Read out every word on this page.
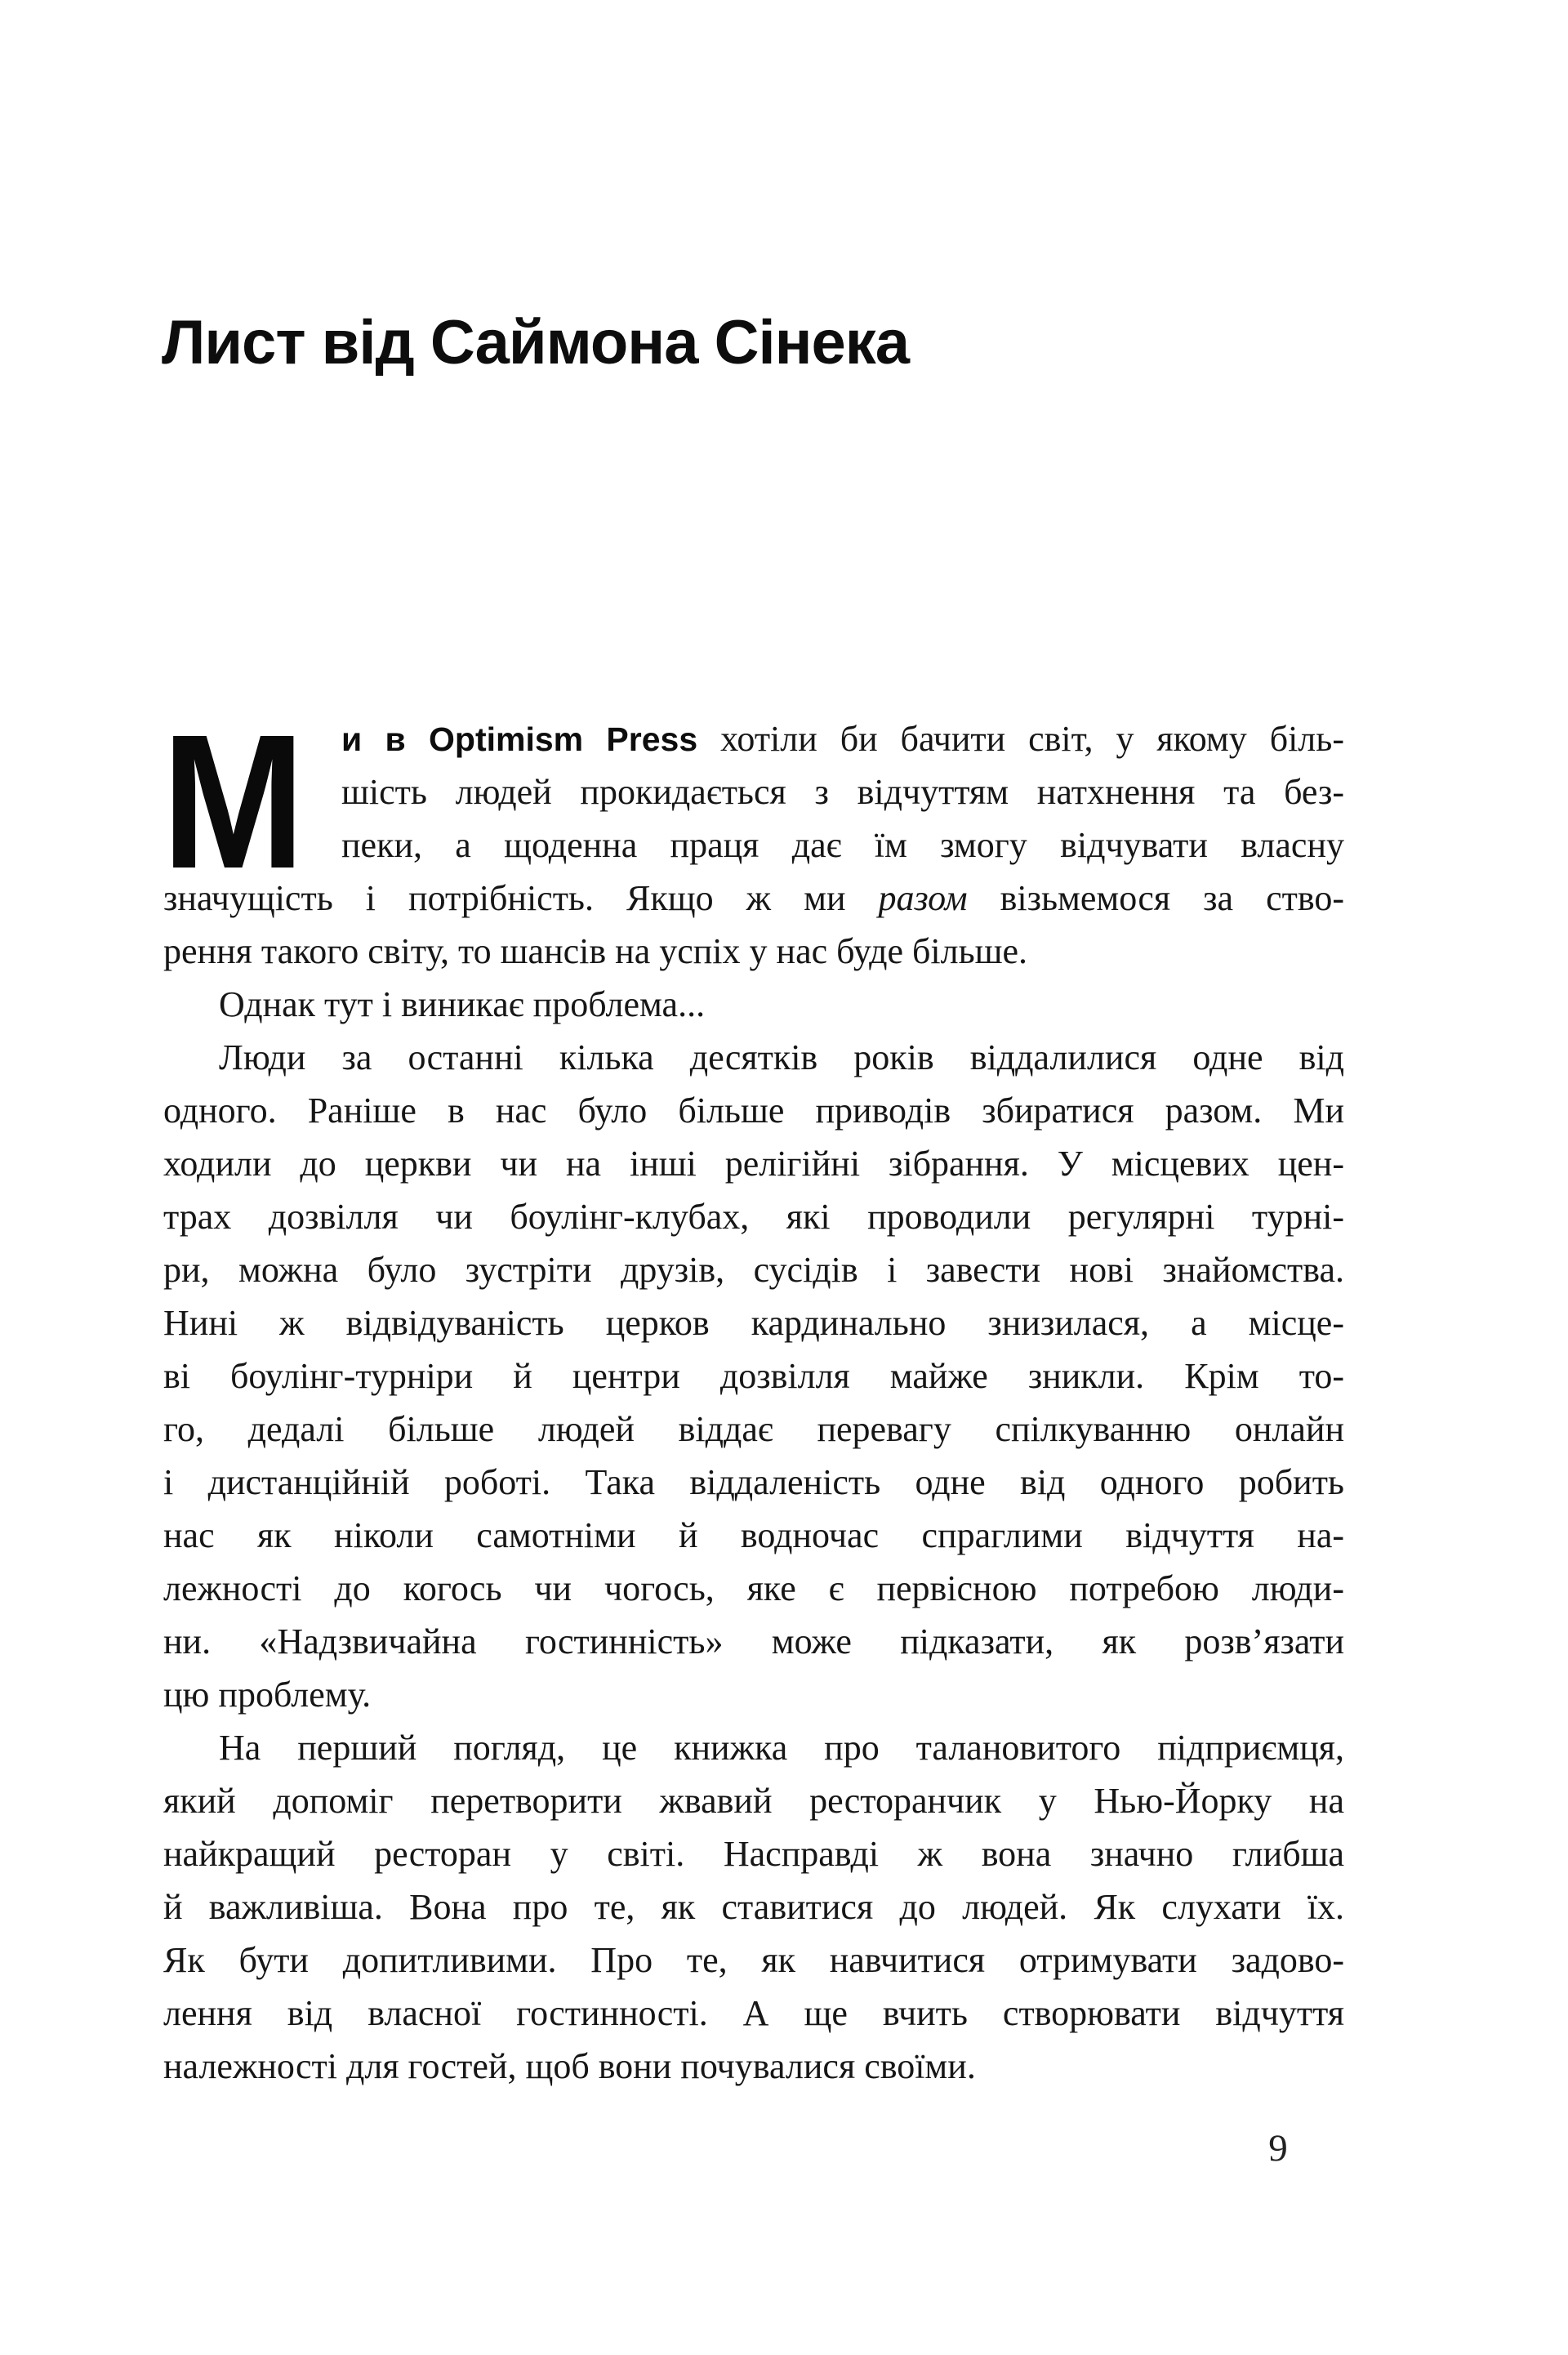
Лист від Саймона Сінека
М	и в Optimism Press хотіли би бачити світ, у якому біль-
шість людей прокидається з відчуттям натхнення та без-
пеки, а щоденна праця дає їм змогу відчувати власну
значущість і потрібність. Якщо ж ми разом візьмемося за ство-
рення такого світу, то шансів на успіх у нас буде більше.
Однак тут і виникає проблема...
Люди за останні кілька десятків років віддалилися одне від
одного. Раніше в нас було більше приводів збиратися разом. Ми
ходили до церкви чи на інші релігійні зібрання. У місцевих цен-
трах дозвілля чи боулінг-клубах, які проводили регулярні турні-
ри, можна було зустріти друзів, сусідів і завести нові знайомства.
Нині ж відвідуваність церков кардинально знизилася, а місце-
ві боулінг-турніри й центри дозвілля майже зникли. Крім то-
го, дедалі більше людей віддає перевагу спілкуванню онлайн
і дистанційній роботі. Така віддаленість одне від одного робить
нас як ніколи самотніми й водночас спраглими відчуття на-
лежності до когось чи чогось, яке є первісною потребою люди-
ни. «Надзвичайна гостинність» може підказати, як розв’язати
цю проблему.
На перший погляд, це книжка про талановитого підприємця,
який допоміг перетворити жвавий ресторанчик у Нью-Йорку на
найкращий ресторан у світі. Насправді ж вона значно глибша
й важливіша. Вона про те, як ставитися до людей. Як слухати їх.
Як бути допитливими. Про те, як навчитися отримувати задово-
лення від власної гостинності. А ще вчить створювати відчуття
належності для гостей, щоб вони почувалися своїми.
9
